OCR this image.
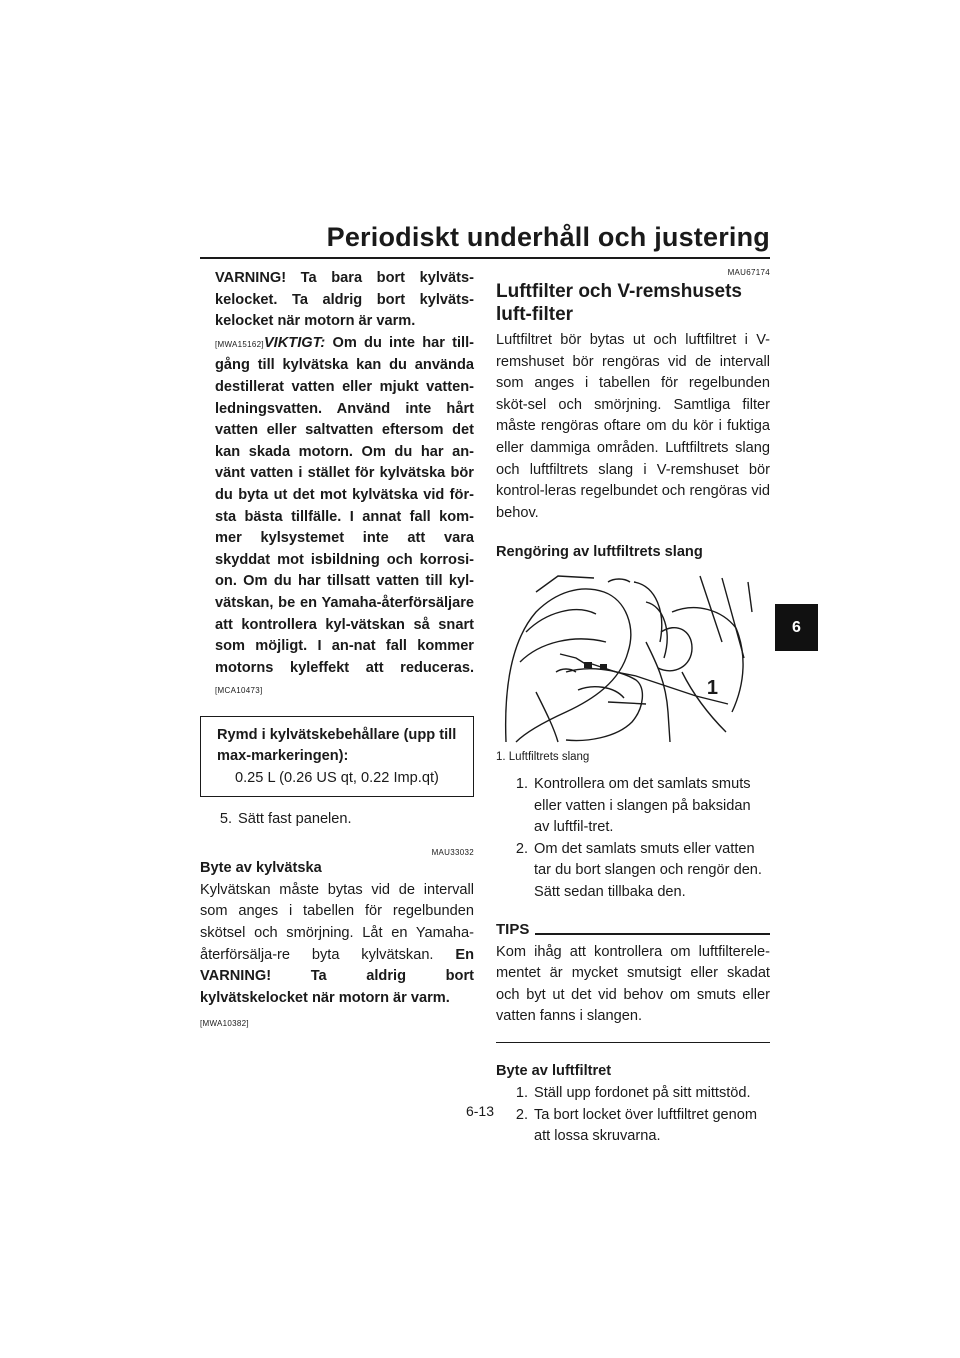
Periodiskt underhåll och justering
VARNING! Ta bara bort kylväts-kelocket. Ta aldrig bort kylväts-kelocket när motorn är varm.
[MWA15162]VIKTIGT: Om du inte har till-gång till kylvätska kan du använda destillerat vatten eller mjukt vatten-ledningsvatten. Använd inte hårt vatten eller saltvatten eftersom det kan skada motorn. Om du har an-vänt vatten i stället för kylvätska bör du byta ut det mot kylvätska vid för-sta bästa tillfälle. I annat fall kom-mer kylsystemet inte att vara skyddat mot isbildning och korrosi-on. Om du har tillsatt vatten till kyl-vätskan, be en Yamaha-återförsäljare att kontrollera kyl-vätskan så snart som möjligt. I an-nat fall kommer motorns kyleffekt att reduceras.[MCA10473]
Rymd i kylvätskebehållare (upp till max-markeringen):
0.25 L (0.26 US qt, 0.22 Imp.qt)
5. Sätt fast panelen.
MAU33032
Byte av kylvätska
Kylvätskan måste bytas vid de intervall som anges i tabellen för regelbunden skötsel och smörjning. Låt en Yamaha-återförsälja-re byta kylvätskan. En VARNING! Ta aldrig bort kylvätskelocket när motorn är varm.
[MWA10382]
MAU67174
Luftfilter och V-remshusets luft-filter
Luftfiltret bör bytas ut och luftfiltret i V-remshuset bör rengöras vid de intervall som anges i tabellen för regelbunden sköt-sel och smörjning. Samtliga filter måste rengöras oftare om du kör i fuktiga eller dammiga områden. Luftfiltrets slang och luftfiltrets slang i V-remshuset bör kontrol-leras regelbundet och rengöras vid behov.
Rengöring av luftfiltrets slang
1
1. Luftfiltrets slang
1. Kontrollera om det samlats smuts eller vatten i slangen på baksidan av luftfil-tret.
2. Om det samlats smuts eller vatten tar du bort slangen och rengör den. Sätt sedan tillbaka den.
TIPS
Kom ihåg att kontrollera om luftfilterele-mentet är mycket smutsigt eller skadat och byt ut det vid behov om smuts eller vatten fanns i slangen.
Byte av luftfiltret
1. Ställ upp fordonet på sitt mittstöd.
2. Ta bort locket över luftfiltret genom att lossa skruvarna.
6
6-13
